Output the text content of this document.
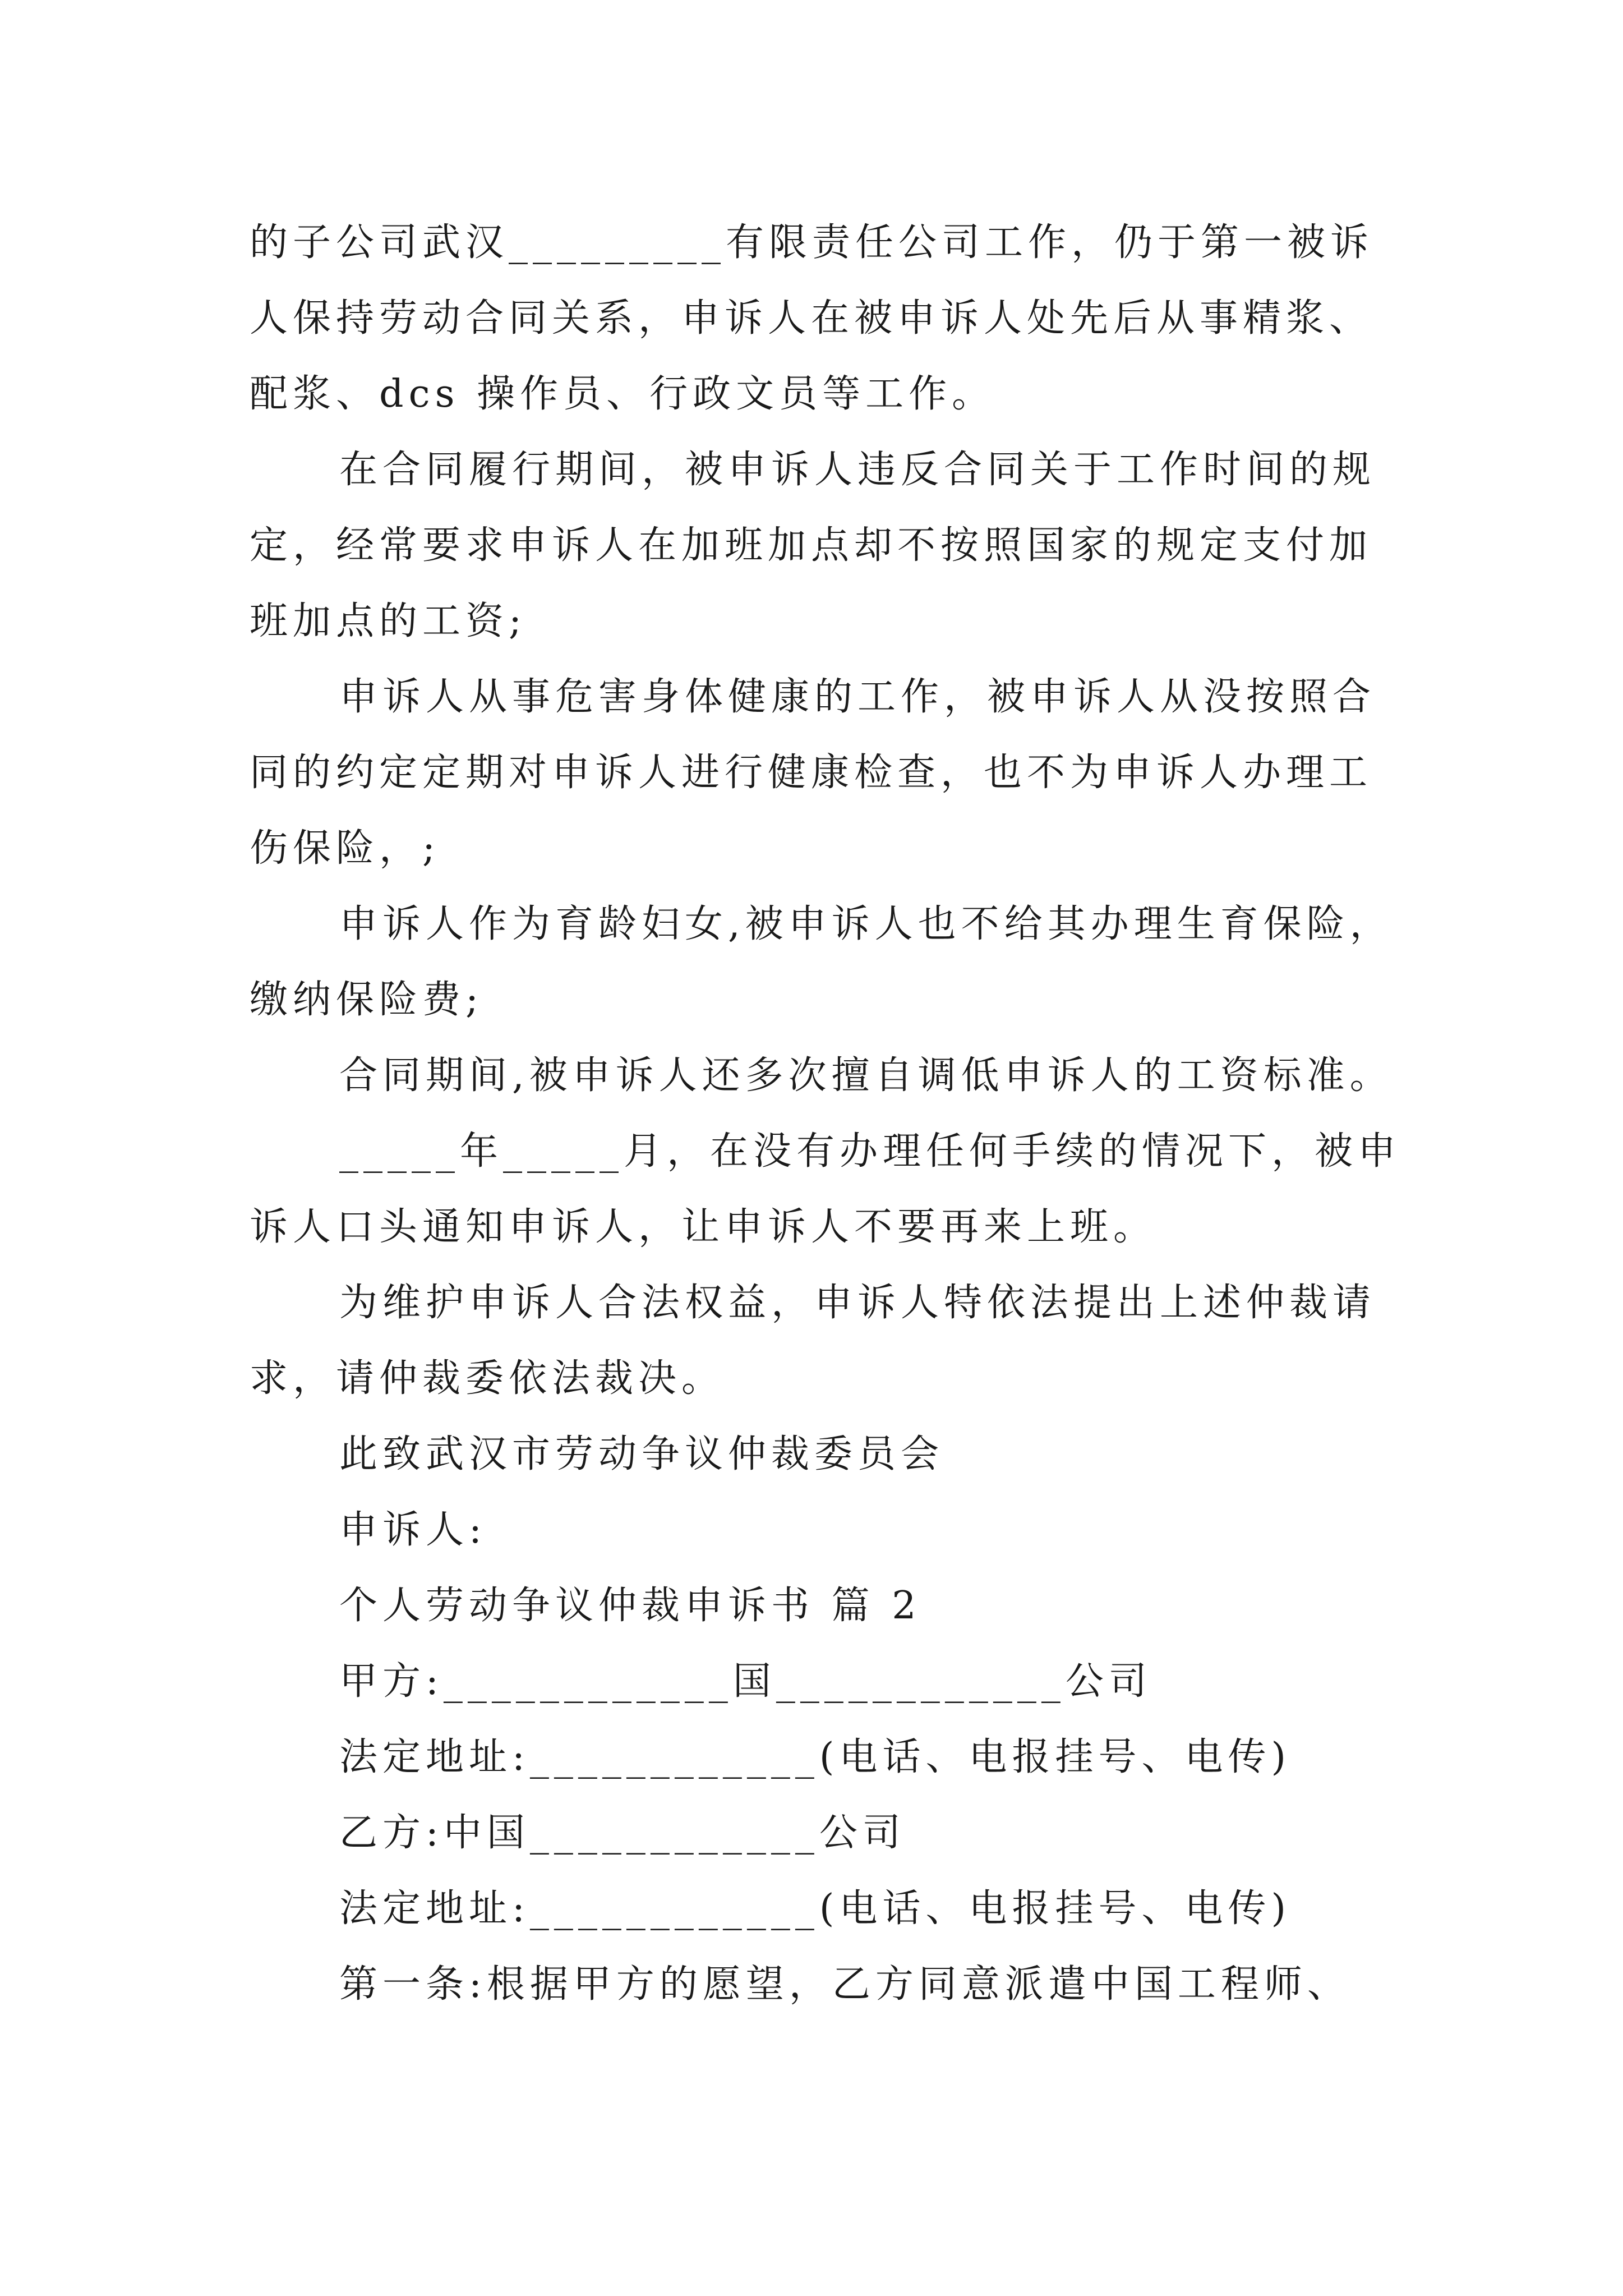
的子公司武汉_________有限责任公司工作，仍于第一被诉
人保持劳动合同关系，申诉人在被申诉人处先后从事精浆、
配浆、dcs 操作员、行政文员等工作。
在合同履行期间，被申诉人违反合同关于工作时间的规
定，经常要求申诉人在加班加点却不按照国家的规定支付加
班加点的工资;
申诉人从事危害身体健康的工作，被申诉人从没按照合
同的约定定期对申诉人进行健康检查，也不为申诉人办理工
伤保险，;
申诉人作为育龄妇女,被申诉人也不给其办理生育保险，
缴纳保险费;
合同期间,被申诉人还多次擅自调低申诉人的工资标准。
_____年_____月，在没有办理任何手续的情况下，被申
诉人口头通知申诉人，让申诉人不要再来上班。
为维护申诉人合法权益，申诉人特依法提出上述仲裁请
求，请仲裁委依法裁决。
此致武汉市劳动争议仲裁委员会
申诉人:
个人劳动争议仲裁申诉书 篇 2
甲方:____________国____________公司
法定地址:____________(电话、电报挂号、电传)
乙方:中国____________公司
法定地址:____________(电话、电报挂号、电传)
第一条:根据甲方的愿望，乙方同意派遣中国工程师、
